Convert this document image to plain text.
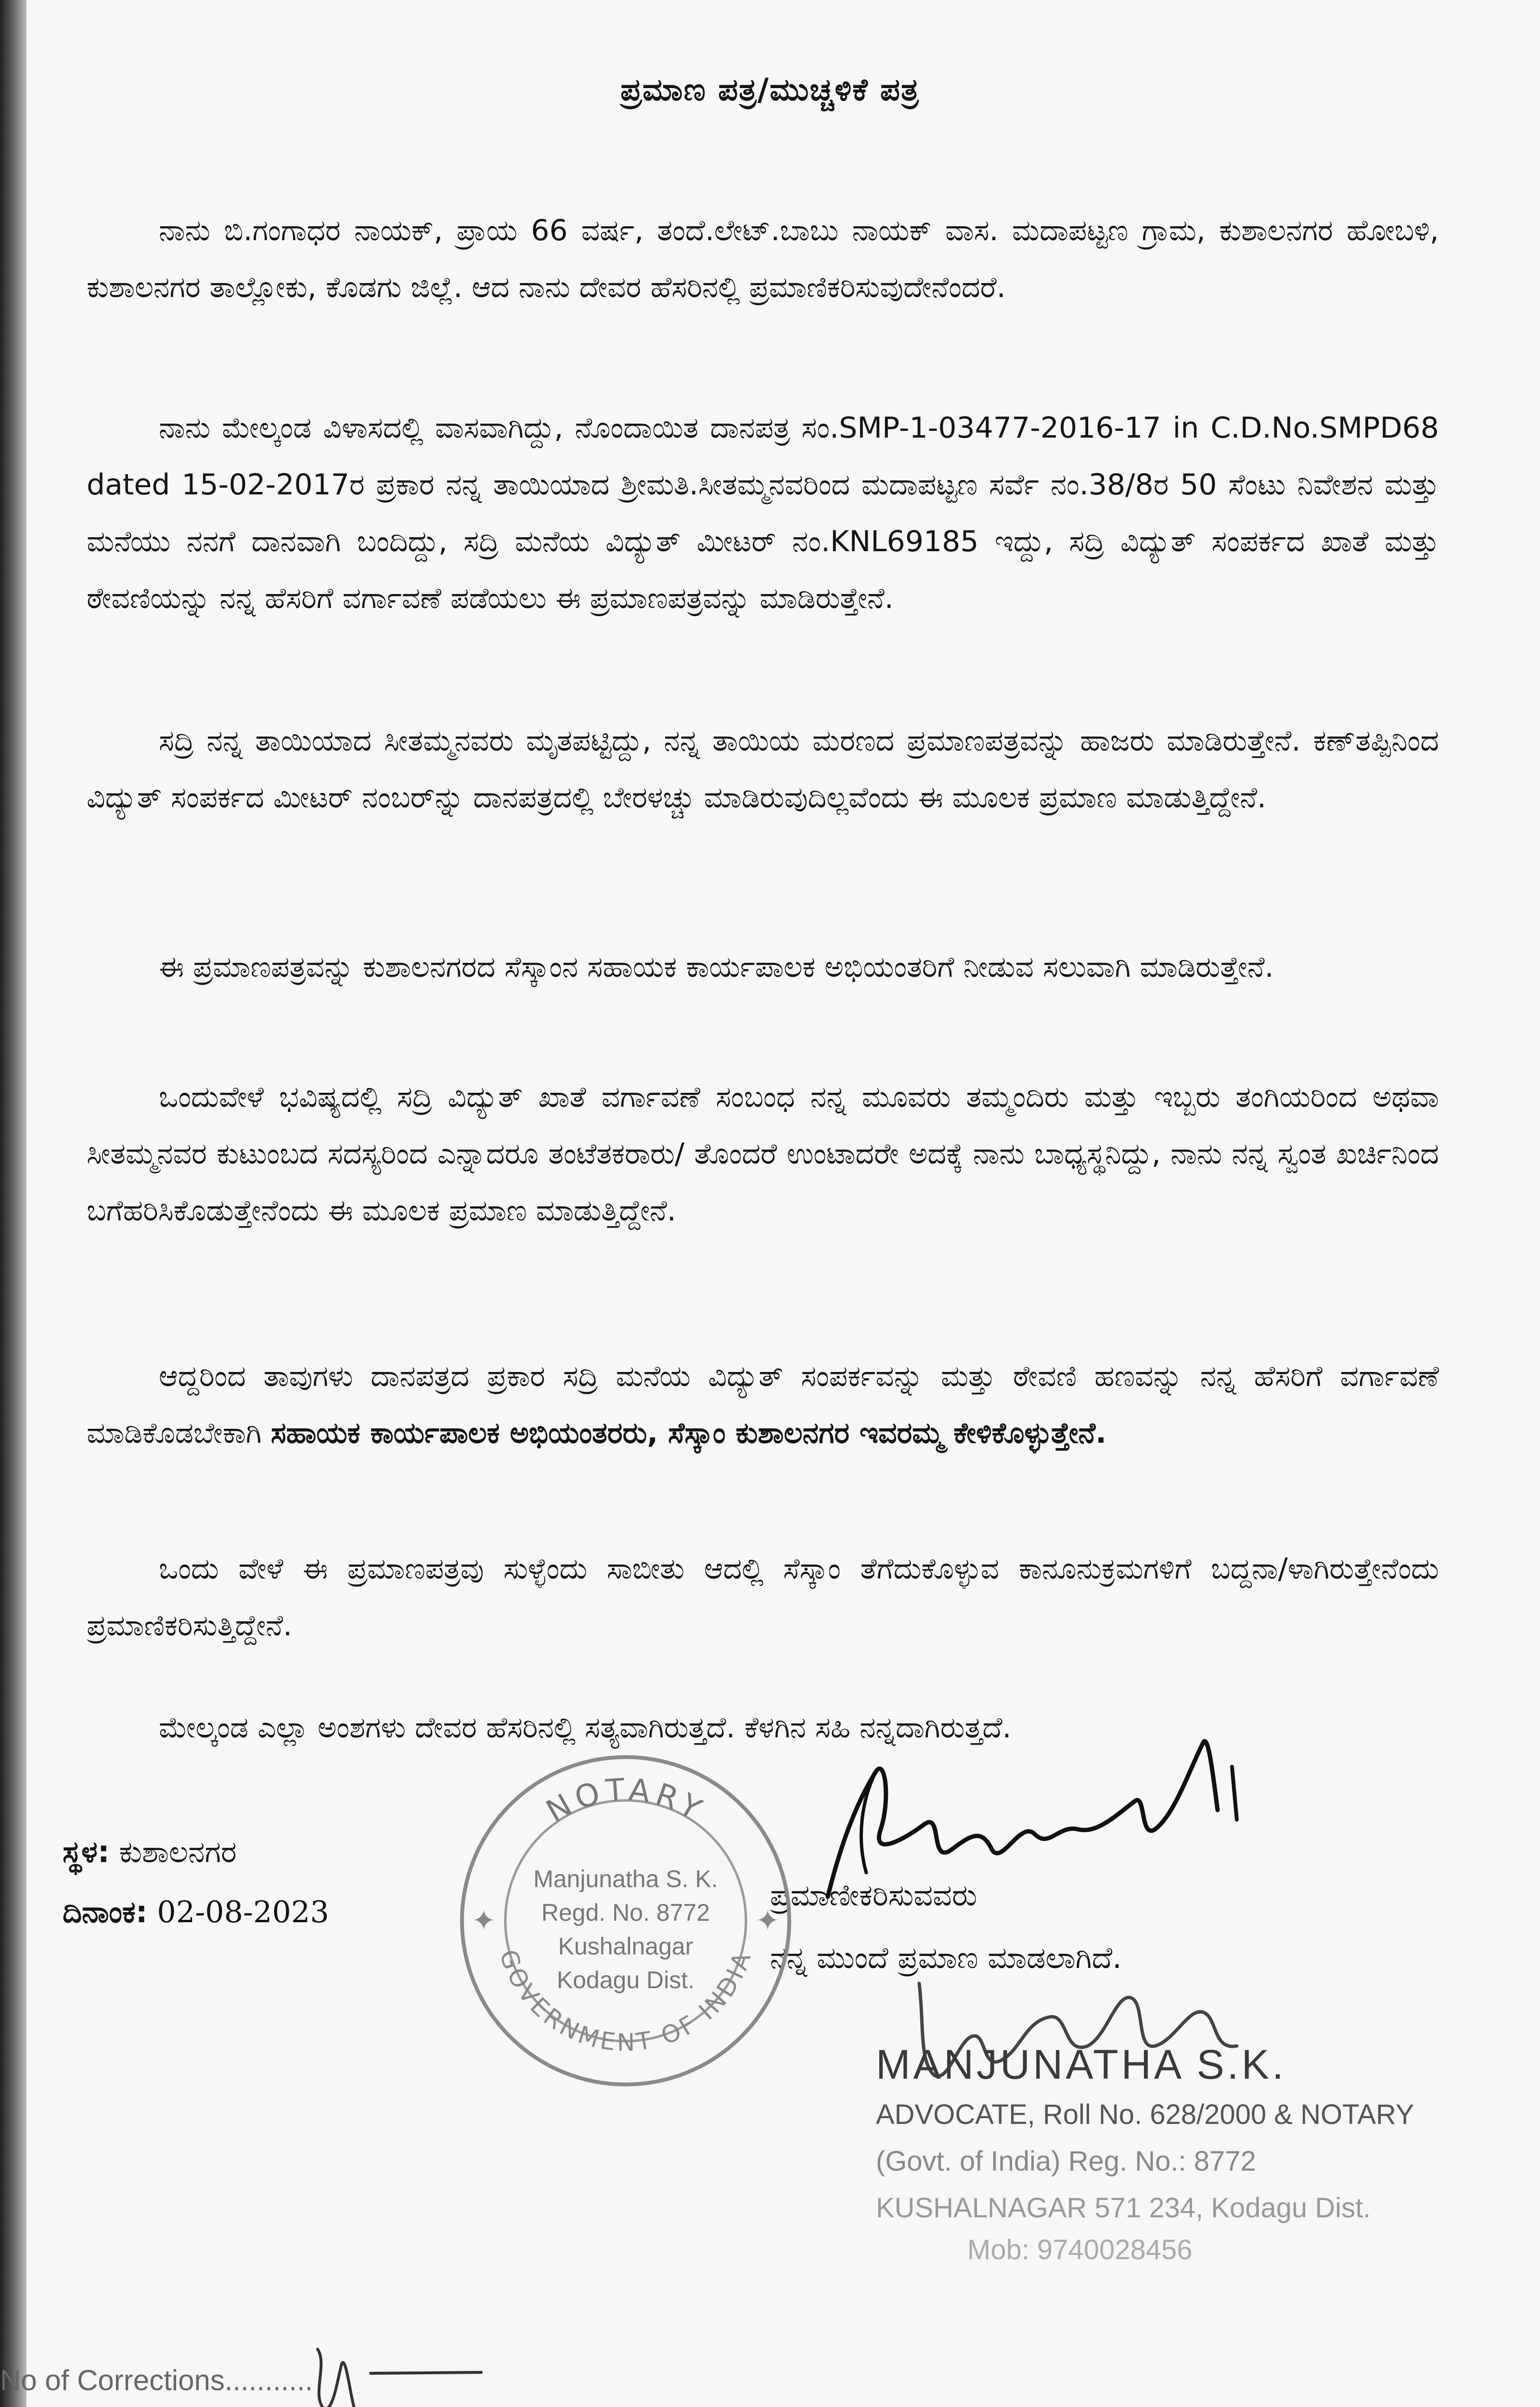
ಪ್ರಮಾಣ ಪತ್ರ/ಮುಚ್ಚಳಿಕೆ ಪತ್ರ

ನಾನು ಬಿ.ಗಂಗಾಧರ ನಾಯಕ್, ಪ್ರಾಯ 66 ವರ್ಷ, ತಂದೆ.ಲೇಟ್.ಬಾಬು ನಾಯಕ್ ವಾಸ. ಮದಾಪಟ್ಟಣ ಗ್ರಾಮ, ಕುಶಾಲನಗರ ಹೋಬಳಿ, ಕುಶಾಲನಗರ ತಾಲ್ಲೋಕು, ಕೊಡಗು ಜಿಲ್ಲೆ. ಆದ ನಾನು ದೇವರ ಹೆಸರಿನಲ್ಲಿ ಪ್ರಮಾಣಿಕರಿಸುವುದೇನೆಂದರೆ.

ನಾನು ಮೇಲ್ಕಂಡ ವಿಳಾಸದಲ್ಲಿ ವಾಸವಾಗಿದ್ದು, ನೊಂದಾಯಿತ ದಾನಪತ್ರ ಸಂ.SMP-1-03477-2016-17 in C.D.No.SMPD68 dated 15-02-2017ರ ಪ್ರಕಾರ ನನ್ನ ತಾಯಿಯಾದ ಶ್ರೀಮತಿ.ಸೀತಮ್ಮನವರಿಂದ ಮದಾಪಟ್ಟಣ ಸರ್ವೆ ನಂ.38/8ರ 50 ಸೆಂಟು ನಿವೇಶನ ಮತ್ತು ಮನೆಯು ನನಗೆ ದಾನವಾಗಿ ಬಂದಿದ್ದು, ಸದ್ರಿ ಮನೆಯ ವಿದ್ಯುತ್ ಮೀಟರ್ ನಂ.KNL69185 ಇದ್ದು, ಸದ್ರಿ ವಿದ್ಯುತ್ ಸಂಪರ್ಕದ ಖಾತೆ ಮತ್ತು ಠೇವಣಿಯನ್ನು ನನ್ನ ಹೆಸರಿಗೆ ವರ್ಗಾವಣೆ ಪಡೆಯಲು ಈ ಪ್ರಮಾಣಪತ್ರವನ್ನು ಮಾಡಿರುತ್ತೇನೆ.

ಸದ್ರಿ ನನ್ನ ತಾಯಿಯಾದ ಸೀತಮ್ಮನವರು ಮೃತಪಟ್ಟಿದ್ದು, ನನ್ನ ತಾಯಿಯ ಮರಣದ ಪ್ರಮಾಣಪತ್ರವನ್ನು ಹಾಜರು ಮಾಡಿರುತ್ತೇನೆ. ಕಣ್‌ತಪ್ಪಿನಿಂದ ವಿದ್ಯುತ್ ಸಂಪರ್ಕದ ಮೀಟರ್ ನಂಬರ್‌ನ್ನು ದಾನಪತ್ರದಲ್ಲಿ ಬೇರಳಚ್ಚು ಮಾಡಿರುವುದಿಲ್ಲವೆಂದು ಈ ಮೂಲಕ ಪ್ರಮಾಣ ಮಾಡುತ್ತಿದ್ದೇನೆ.

ಈ ಪ್ರಮಾಣಪತ್ರವನ್ನು ಕುಶಾಲನಗರದ ಸೆಸ್ಕಾಂನ ಸಹಾಯಕ ಕಾರ್ಯಪಾಲಕ ಅಭಿಯಂತರಿಗೆ ನೀಡುವ ಸಲುವಾಗಿ ಮಾಡಿರುತ್ತೇನೆ.

ಒಂದುವೇಳೆ ಭವಿಷ್ಯದಲ್ಲಿ ಸದ್ರಿ ವಿದ್ಯುತ್ ಖಾತೆ ವರ್ಗಾವಣೆ ಸಂಬಂಧ ನನ್ನ ಮೂವರು ತಮ್ಮಂದಿರು ಮತ್ತು ಇಬ್ಬರು ತಂಗಿಯರಿಂದ ಅಥವಾ ಸೀತಮ್ಮನವರ ಕುಟುಂಬದ ಸದಸ್ಯರಿಂದ ಎನ್ನಾದರೂ ತಂಟೆತಕರಾರು/ ತೊಂದರೆ ಉಂಟಾದರೇ ಅದಕ್ಕೆ ನಾನು ಬಾಧ್ಯಸ್ಥನಿದ್ದು, ನಾನು ನನ್ನ ಸ್ವಂತ ಖರ್ಚಿನಿಂದ ಬಗೆಹರಿಸಿಕೊಡುತ್ತೇನೆಂದು ಈ ಮೂಲಕ ಪ್ರಮಾಣ ಮಾಡುತ್ತಿದ್ದೇನೆ.

ಆದ್ದರಿಂದ ತಾವುಗಳು ದಾನಪತ್ರದ ಪ್ರಕಾರ ಸದ್ರಿ ಮನೆಯ ವಿದ್ಯುತ್ ಸಂಪರ್ಕವನ್ನು ಮತ್ತು ಠೇವಣಿ ಹಣವನ್ನು ನನ್ನ ಹೆಸರಿಗೆ ವರ್ಗಾವಣೆ ಮಾಡಿಕೊಡಬೇಕಾಗಿ ಸಹಾಯಕ ಕಾರ್ಯಪಾಲಕ ಅಭಿಯಂತರರು, ಸೆಸ್ಕಾಂ ಕುಶಾಲನಗರ ಇವರಮ್ಮ ಕೇಳಿಕೊಳ್ಳುತ್ತೇನೆ.

ಒಂದು ವೇಳೆ ಈ ಪ್ರಮಾಣಪತ್ರವು ಸುಳ್ಳೆಂದು ಸಾಬೀತು ಆದಲ್ಲಿ ಸೆಸ್ಕಾಂ ತೆಗೆದುಕೊಳ್ಳುವ ಕಾನೂನುಕ್ರಮಗಳಿಗೆ ಬದ್ದನಾ/ಳಾಗಿರುತ್ತೇನೆಂದು ಪ್ರಮಾಣಿಕರಿಸುತ್ತಿದ್ದೇನೆ.

ಮೇಲ್ಕಂಡ ಎಲ್ಲಾ ಅಂಶಗಳು ದೇವರ ಹೆಸರಿನಲ್ಲಿ ಸತ್ಯವಾಗಿರುತ್ತದೆ. ಕೆಳಗಿನ ಸಹಿ ನನ್ನದಾಗಿರುತ್ತದೆ.

ಸ್ಥಳ: ಕುಶಾಲನಗರ
ದಿನಾಂಕ: 02-08-2023	ಪ್ರಮಾಣೀಕರಿಸುವವರು
ನನ್ನ ಮುಂದೆ ಪ್ರಮಾಣ ಮಾಡಲಾಗಿದೆ.
NOTARY
GOVERNMENT OF INDIA
Manjunatha S. K.
Regd. No. 8772
Kushalnagar
Kodagu Dist.
✦	✦

MANJUNATHA S.K.

ADVOCATE, Roll No. 628/2000 & NOTARY

(Govt. of India) Reg. No.: 8772

KUSHALNAGAR 571 234, Kodagu Dist.

Mob: 9740028456

No of Corrections...........
